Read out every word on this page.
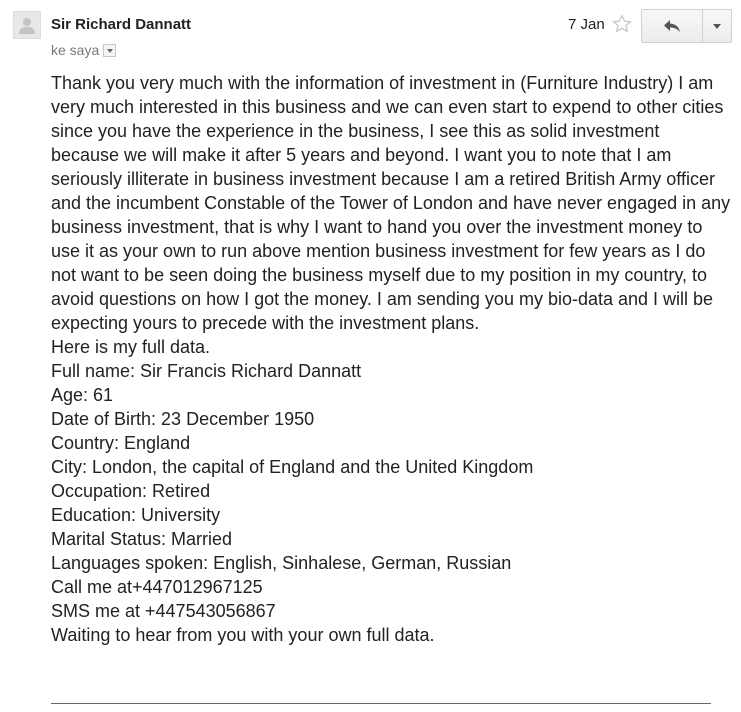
Sir Richard Dannatt
ke saya
7 Jan

Thank you very much with the information of investment in (Furniture Industry) I am very much interested in this business and we can even start to expend to other cities since you have the experience in the business, I see this as solid investment because we will make it after 5 years and beyond. I want you to note that I am seriously illiterate in business investment because I am a retired British Army officer and the incumbent Constable of the Tower of London and have never engaged in any business investment, that is why I want to hand you over the investment money to use it as your own to run above mention business investment for few years as I do not want to be seen doing the business myself due to my position in my country, to avoid questions on how I got the money. I am sending you my bio-data and I will be expecting yours to precede with the investment plans.

Here is my full data.
Full name: Sir Francis Richard Dannatt
Age: 61
Date of Birth: 23 December 1950
Country: England
City: London, the capital of England and the United Kingdom
Occupation: Retired
Education: University
Marital Status: Married
Languages spoken: English, Sinhalese, German, Russian
Call me at+447012967125
SMS me at +447543056867
Waiting to hear from you with your own full data.
